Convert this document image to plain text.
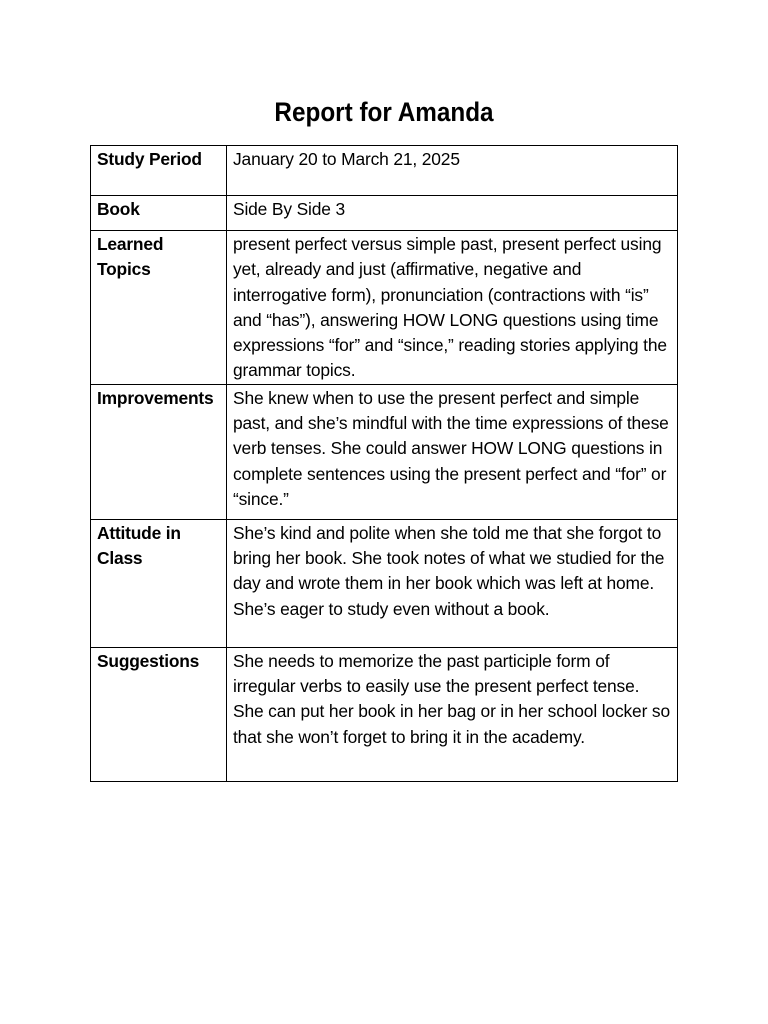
Report for Amanda
Study Period	January 20 to March 21, 2025

Book	Side By Side 3

Learned Topics	present perfect versus simple past, present perfect using yet, already and just (affirmative, negative and interrogative form), pronunciation (contractions with “is” and “has”), answering HOW LONG questions using time expressions “for” and “since,” reading stories applying the grammar topics.

Improvements	She knew when to use the present perfect and simple past, and she’s mindful with the time expressions of these verb tenses. She could answer HOW LONG questions in complete sentences using the present perfect and “for” or “since.”

Attitude in Class	She’s kind and polite when she told me that she forgot to bring her book. She took notes of what we studied for the day and wrote them in her book which was left at home. She’s eager to study even without a book.

Suggestions	She needs to memorize the past participle form of irregular verbs to easily use the present perfect tense. She can put her book in her bag or in her school locker so that she won’t forget to bring it in the academy.
